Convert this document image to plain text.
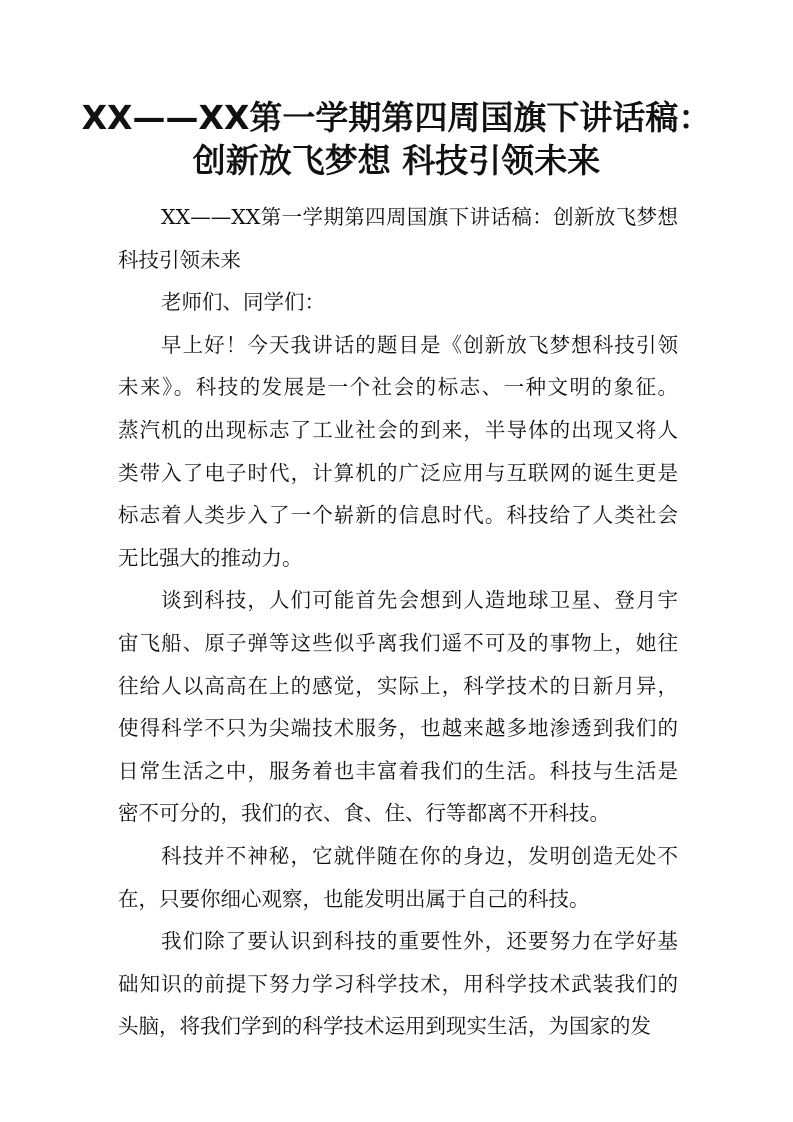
XX——XX第一学期第四周国旗下讲话稿：
创新放飞梦想 科技引领未来
XX——XX第一学期第四周国旗下讲话稿：创新放飞梦想
科技引领未来
老师们、同学们：
早上好！今天我讲话的题目是《创新放飞梦想科技引领
未来》。科技的发展是一个社会的标志、一种文明的象征。
蒸汽机的出现标志了工业社会的到来，半导体的出现又将人
类带入了电子时代，计算机的广泛应用与互联网的诞生更是
标志着人类步入了一个崭新的信息时代。科技给了人类社会
无比强大的推动力。
谈到科技，人们可能首先会想到人造地球卫星、登月宇
宙飞船、原子弹等这些似乎离我们遥不可及的事物上，她往
往给人以高高在上的感觉，实际上，科学技术的日新月异，
使得科学不只为尖端技术服务，也越来越多地渗透到我们的
日常生活之中，服务着也丰富着我们的生活。科技与生活是
密不可分的，我们的衣、食、住、行等都离不开科技。
科技并不神秘，它就伴随在你的身边，发明创造无处不
在，只要你细心观察，也能发明出属于自己的科技。
我们除了要认识到科技的重要性外，还要努力在学好基
础知识的前提下努力学习科学技术，用科学技术武装我们的
头脑，将我们学到的科学技术运用到现实生活，为国家的发
